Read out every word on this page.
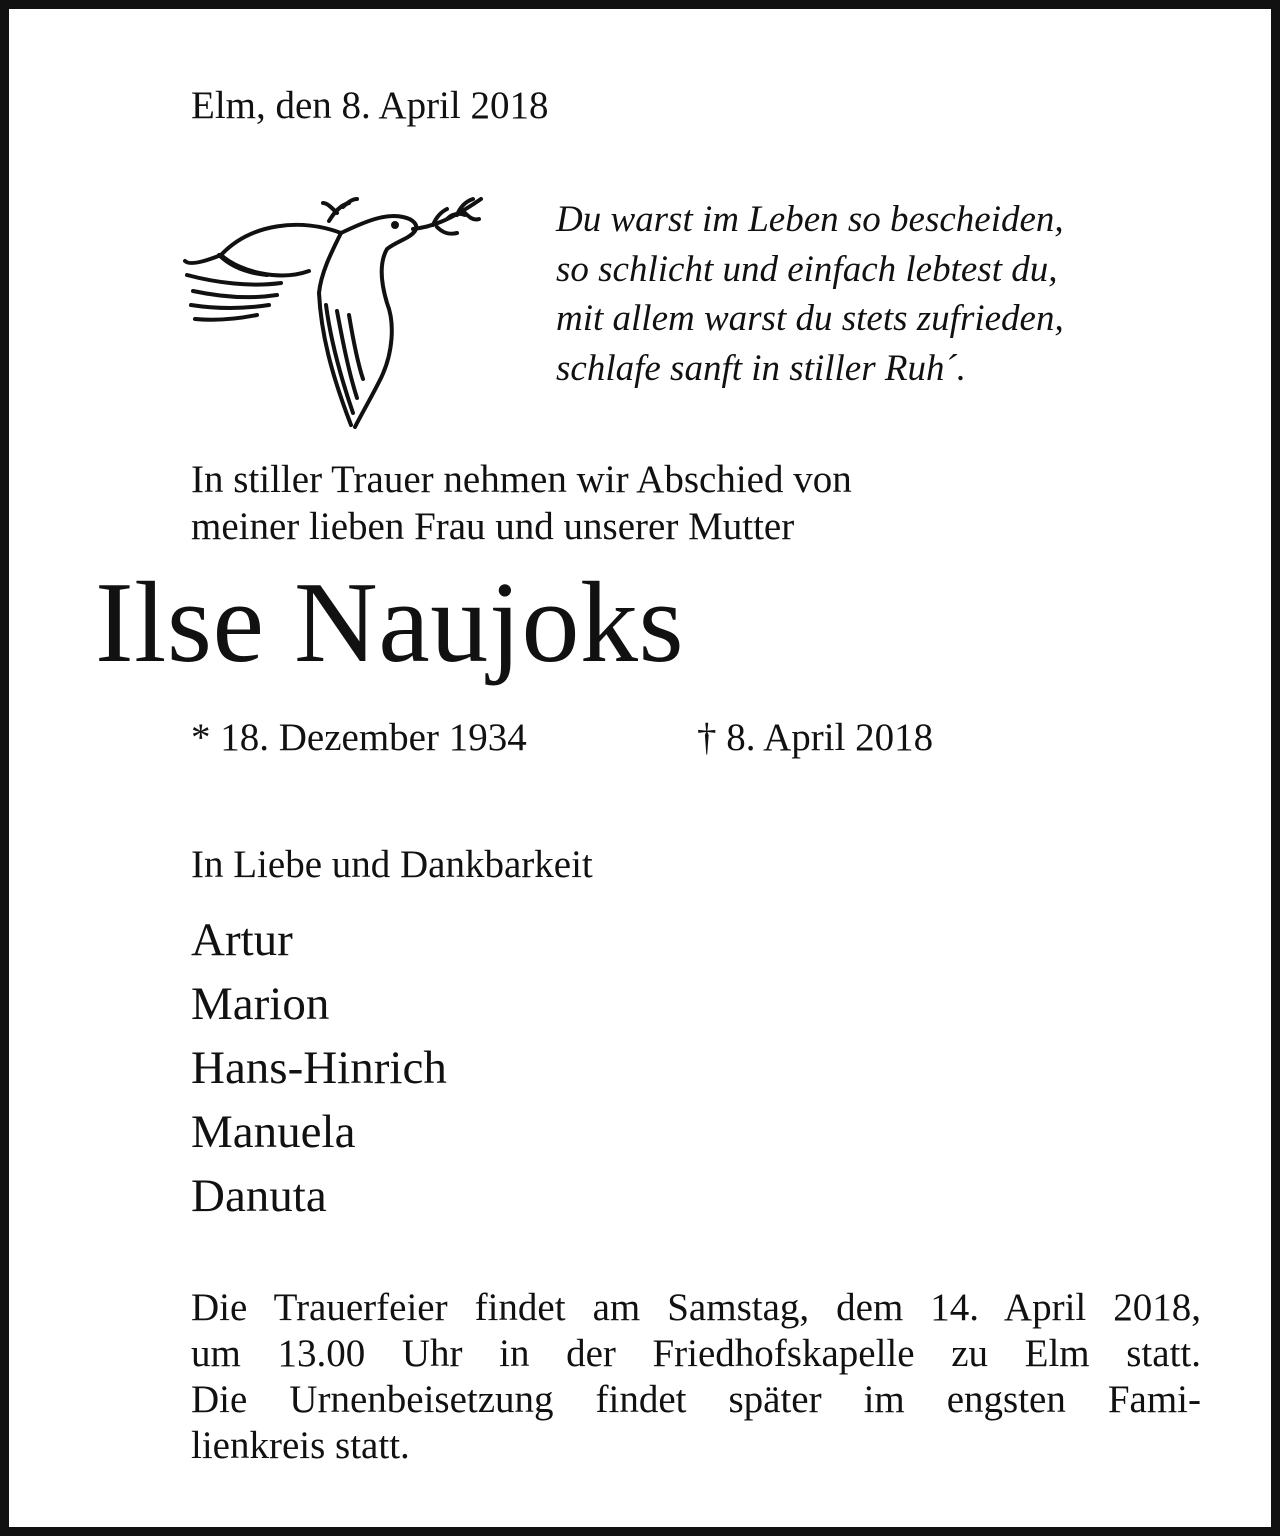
Elm, den 8. April 2018
Du warst im Leben so bescheiden,
so schlicht und einfach lebtest du,
mit allem warst du stets zufrieden,
schlafe sanft in stiller Ruh´.
In stiller Trauer nehmen wir Abschied von
meiner lieben Frau und unserer Mutter
Ilse Naujoks
* 18. Dezember 1934	† 8. April 2018
In Liebe und Dankbarkeit
Artur
Marion
Hans-Hinrich
Manuela
Danuta
Die Trauerfeier findet am Samstag, dem 14. April 2018,
um 13.00 Uhr in der Friedhofskapelle zu Elm statt.
Die Urnenbeisetzung findet später im engsten Fami-
lienkreis statt.
